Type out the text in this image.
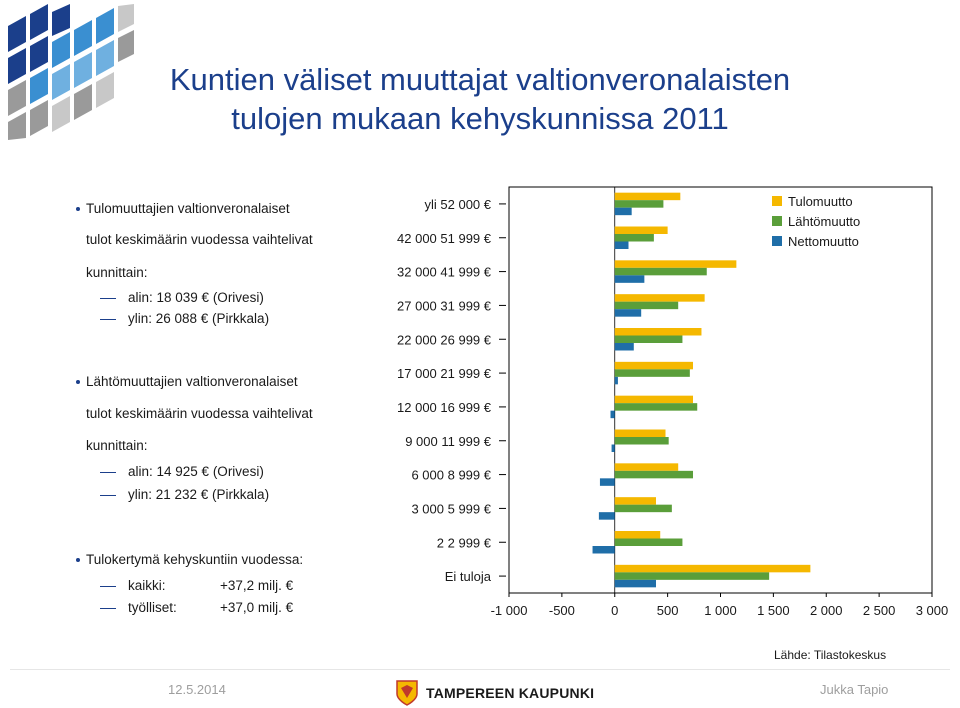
Kuntien väliset muuttajat valtionveronalaisten
tulojen mukaan kehyskunnissa 2011
Tulomuuttajien valtionveronalaiset
tulot keskimäärin vuodessa vaihtelivat
kunnittain:
alin: 18 039 € (Orivesi)
ylin: 26 088 € (Pirkkala)
Lähtömuuttajien valtionveronalaiset
tulot keskimäärin vuodessa vaihtelivat
kunnittain:
alin: 14 925 € (Orivesi)
ylin: 21 232 € (Pirkkala)
Tulokertymä kehyskuntiin vuodessa:
kaikki:	+37,2 milj. €
työlliset:	+37,0 milj. €	-1 000 -500	0	500 1 000 1 500 2 000 2 500 3 000
yli 52 000 €
42 000 51 999 €
32 000 41 999 €
27 000 31 999 €
22 000 26 999 €
17 000 21 999 €
12 000 16 999 €
9 000 11 999 €
6 000 8 999 €
3 000 5 999 €
2 2 999 €
Ei tuloja
Tulomuutto
Lähtömuutto
Nettomuutto
Lähde: Tilastokeskus
12.5.2014	TAMPEREEN KAUPUNKI	Jukka Tapio
